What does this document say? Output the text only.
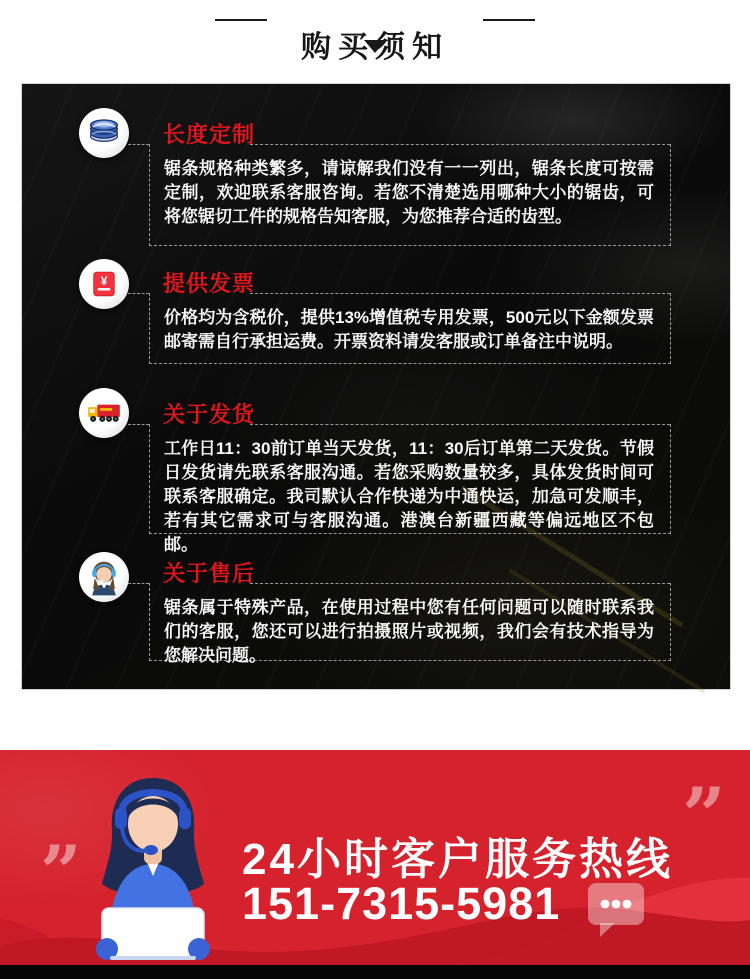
购买须知
长度定制

锯条规格种类繁多，请谅解我们没有一一列出，锯条长度可按需定制，欢迎联系客服咨询。若您不清楚选用哪种大小的锯齿，可将您锯切工件的规格告知客服，为您推荐合适的齿型。

¥	提供发票

价格均为含税价，提供13%增值税专用发票，500元以下金额发票邮寄需自行承担运费。开票资料请发客服或订单备注中说明。

关于发货

工作日11：30前订单当天发货，11：30后订单第二天发货。节假日发货请先联系客服沟通。若您采购数量较多，具体发货时间可联系客服确定。我司默认合作快递为中通快运，加急可发顺丰，若有其它需求可与客服沟通。港澳台新疆西藏等偏远地区不包邮。

关于售后

锯条属于特殊产品，在使用过程中您有任何问题可以随时联系我们的客服，您还可以进行拍摄照片或视频，我们会有技术指导为您解决问题。

”
”

24小时客户服务热线

151-7315-5981
